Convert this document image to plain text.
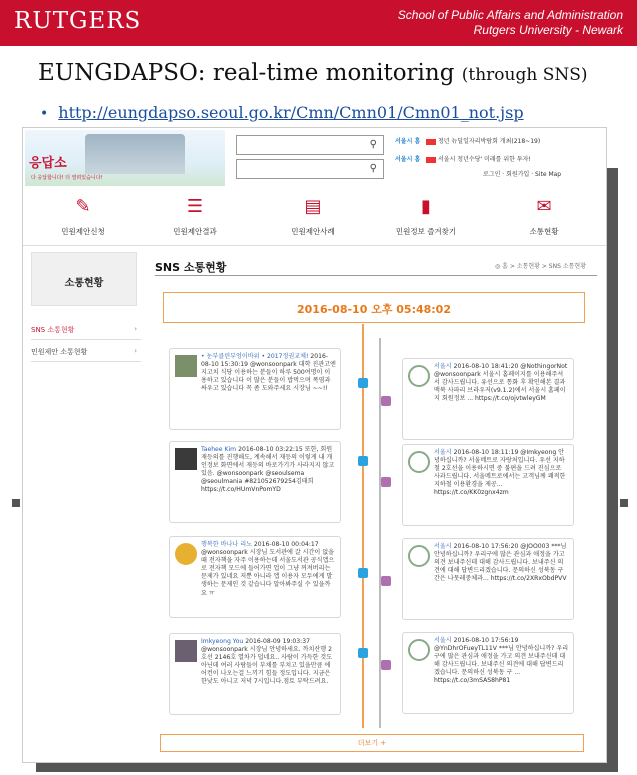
RUTGERS	School of Public Affairs and Administration
Rutgers University - Newark
EUNGDAPSO: real-time monitoring (through SNS)
• http://eungdapso.seoul.go.kr/Cmn/Cmn01/Cmn01_not.jsp
응답소
다 응답합니다! 더 열려있습니다!
⚲
⚲
서울시 홈	청년 뉴딜일자리박람회 개최(218~19)
서울시 홈	서울시 청년수당' 미래를 위한 투자!
로그인 · 회원가입 · Site Map
✎
민원제안신청
☰
민원제안결과
▤
민원제안사례
▮
민원정보 즐겨찾기
✉
소통현황
소통현황
SNS 소통현황	›
민원제안 소통현황	›
SNS 소통현황	◎ 홈 > 소통현황 > SNS 소통현황
2016-08-10 오후 05:48:02
• 눈부클린부엉이바위 • 2017정권교체! 2016-08-10 15:30:19 @wonsoonpark 대학 진관고엔지고치 식당 이용하는 분들이 하루 500여명이 이용하고 있습니다 이 많은 분들이 밥먹으며 폭염과 싸우고 있습니다 꼭 좀 도와주세요 시장님 ~~!!
Taehee Kim 2016-08-10 03:22:15 또한, 회원재등의를 진행해도, 계속해서 재등의 이렇게 내 개인정보 화면에서 재등의 바로가기가 사라지지 않고 있음. @wonsoonpark @seoulsema @seoulmania #821052679254김태희 https://t.co/HUmVnPomYD
행복한 바나나 리노 2016-08-10 00:04:17 @wonsoonpark 시장님 도서관에 갈 시간이 없을 때 전자책을 자주 이용하는데 서울도서관 공식앱으로 전자책 모드에 들어가면 업이 그냥 꺼져버리는 문제가 있네요 저뿐 아니라 앱 이용자 모두에게 발생하는 문제인 것 같습니다 알아봐주실 수 있을까요 ㅠ
Imkyeong You 2016-08-09 19:03:37 @wonsoonpark 시장님 안녕하세요. 까치산행 2호선 2146호 열차가 덥네요.. 사람이 가득한 것도 아닌데 여러 사람들이 부채를 부치고 있을만큼 에어컨이 나오는걸 느끼기 힘들 정도입니다. 지금은 한낮도 아니고 저녁 7시입니다.점토 부탁드려요.
서울시 2016-08-10 18:41:20 @NothingorNot @wonsoonpark 서울시 홈페이지를 이용해주셔서 감사드립니다. 유선으로 통화 후 확인해본 결과 맥북 사파리 브라우저(v9.1.2)에서 서울시 홈페이지 회원정보 ... https://t.co/ojvtwleyGM
서울시 2016-08-10 18:11:19 @Imkyeong 안녕하십니까? 서울메트로 자랑처입니다. 우선 지하철 2호선을 이용하시면 중 불편을 드려 진심으로 사과드립니다. 서울메트로에서는 고객님께 쾌적한 지하철 이용환경을 제공... https://t.co/KK0zgnx4zm
서울시 2016-08-10 17:56:20 @JOO003 ***님 안녕하십니까? 우리구에 많은 관심과 애정을 가고 의견 보내주신데 대해 감사드립니다. 보내주신 의견에 대해 답변드리겠습니다. 문의하신 성북동 구간은 나뭇레중체과... https://t.co/2XRxObdPVV
서울시 2016-08-10 17:56:19 @YnDhrOFueyTL11V ***님 안녕하십니까? 우리구에 많은 관심과 애정을 가고 의견 보내주신데 대해 감사드립니다. 보내주신 의견에 대해 답변드리겠습니다. 문의하신 성북동 구 ... https://t.co/3mSAS8hP81
더보기 +
